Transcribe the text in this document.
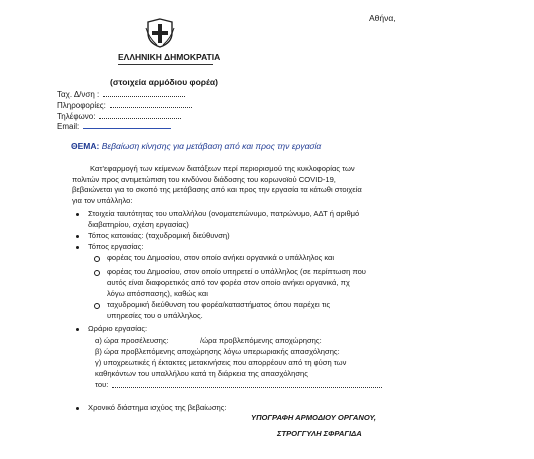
ΕΛΛΗΝΙΚΗ ΔΗΜΟΚΡΑΤΙΑ
(στοιχεία αρμόδιου φορέα)
Αθήνα,
Ταχ. Δ/νση :
Πληροφορίες:
Τηλέφωνο:
Email:
ΘΕΜΑ: Βεβαίωση κίνησης για μετάβαση από και προς την εργασία
Κατ’εφαρμογή των κείμενων διατάξεων περί περιορισμού της κυκλοφορίας των
πολιτών προς αντιμετώπιση του κινδύνου διάδοσης του κορωνοϊού COVID-19,
βεβαιώνεται για το σκοπό της μετάβασης από και προς την εργασία τα κάτωθι στοιχεία
για τον υπάλληλο:
Στοιχεία ταυτότητας του υπαλλήλου (ονοματεπώνυμο, πατρώνυμο, ΑΔΤ ή αριθμό
διαβατηρίου, σχέση εργασίας)
Τόπος κατοικίας: (ταχυδρομική διεύθυνση)
Τόπος εργασίας:
φορέας του Δημοσίου, στον οποίο ανήκει οργανικά ο υπάλληλος και
φορέας του Δημοσίου, στον οποίο υπηρετεί ο υπάλληλος (σε περίπτωση που
αυτός είναι διαφορετικός από τον φορέα στον οποίο ανήκει οργανικά, πχ
λόγω απόσπασης), καθώς και
ταχυδρομική διεύθυνση του φορέα/καταστήματος όπου παρέχει τις
υπηρεσίες του ο υπάλληλος.
Ωράριο εργασίας:
α) ώρα προσέλευσης:	/ώρα προβλεπόμενης αποχώρησης:
β) ώρα προβλεπόμενης αποχώρησης λόγω υπερωριακής απασχόλησης:
γ) υποχρεωτικές ή έκτακτες μετακινήσεις που απορρέουν από τη φύση των
καθηκόντων του υπαλλήλου κατά τη διάρκεια της απασχόλησης
του:
Χρονικό διάστημα ισχύος της βεβαίωσης:
ΥΠΟΓΡΑΦΗ ΑΡΜΟΔΙΟΥ ΟΡΓΑΝΟΥ,
ΣΤΡΟΓΓΥΛΗ ΣΦΡΑΓΙΔΑ
